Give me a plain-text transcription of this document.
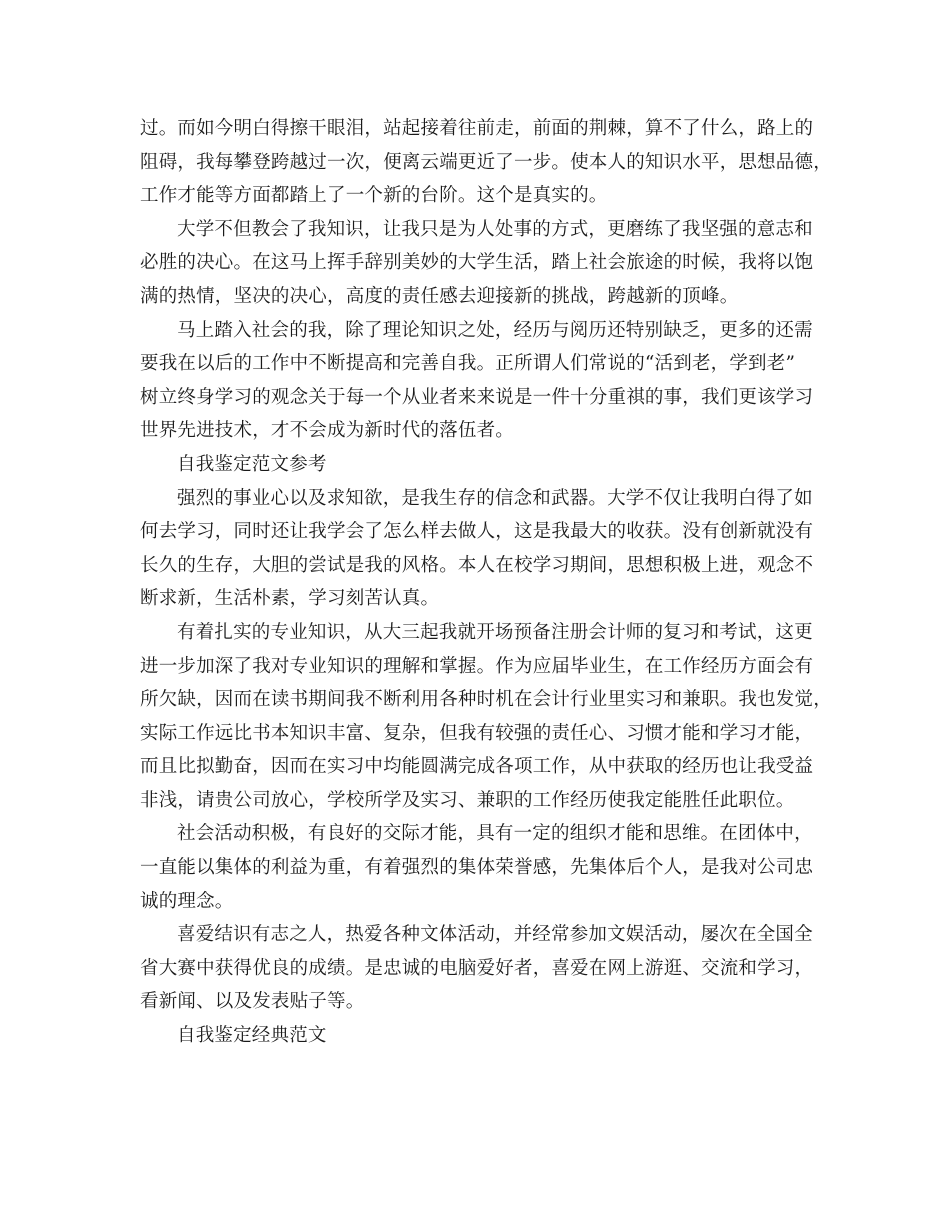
过。而如今明白得擦干眼泪，站起接着往前走，前面的荆棘，算不了什么，路上的
阻碍，我每攀登跨越过一次，便离云端更近了一步。使本人的知识水平，思想品德，
工作才能等方面都踏上了一个新的台阶。这个是真实的。
大学不但教会了我知识，让我只是为人处事的方式，更磨练了我坚强的意志和
必胜的决心。在这马上挥手辞别美妙的大学生活，踏上社会旅途的时候，我将以饱
满的热情，坚决的决心，高度的责任感去迎接新的挑战，跨越新的顶峰。
马上踏入社会的我，除了理论知识之处，经历与阅历还特别缺乏，更多的还需
要我在以后的工作中不断提高和完善自我。正所谓人们常说的“活到老，学到老”
树立终身学习的观念关于每一个从业者来来说是一件十分重祺的事，我们更该学习
世界先进技术，才不会成为新时代的落伍者。
自我鉴定范文参考
强烈的事业心以及求知欲，是我生存的信念和武器。大学不仅让我明白得了如
何去学习，同时还让我学会了怎么样去做人，这是我最大的收获。没有创新就没有
长久的生存，大胆的尝试是我的风格。本人在校学习期间，思想积极上进，观念不
断求新，生活朴素，学习刻苦认真。
有着扎实的专业知识，从大三起我就开场预备注册会计师的复习和考试，这更
进一步加深了我对专业知识的理解和掌握。作为应届毕业生，在工作经历方面会有
所欠缺，因而在读书期间我不断利用各种时机在会计行业里实习和兼职。我也发觉，
实际工作远比书本知识丰富、复杂，但我有较强的责任心、习惯才能和学习才能，
而且比拟勤奋，因而在实习中均能圆满完成各项工作，从中获取的经历也让我受益
非浅，请贵公司放心，学校所学及实习、兼职的工作经历使我定能胜任此职位。
社会活动积极，有良好的交际才能，具有一定的组织才能和思维。在团体中，
一直能以集体的利益为重，有着强烈的集体荣誉感，先集体后个人，是我对公司忠
诚的理念。
喜爱结识有志之人，热爱各种文体活动，并经常参加文娱活动，屡次在全国全
省大赛中获得优良的成绩。是忠诚的电脑爱好者，喜爱在网上游逛、交流和学习，
看新闻、以及发表贴子等。
自我鉴定经典范文
